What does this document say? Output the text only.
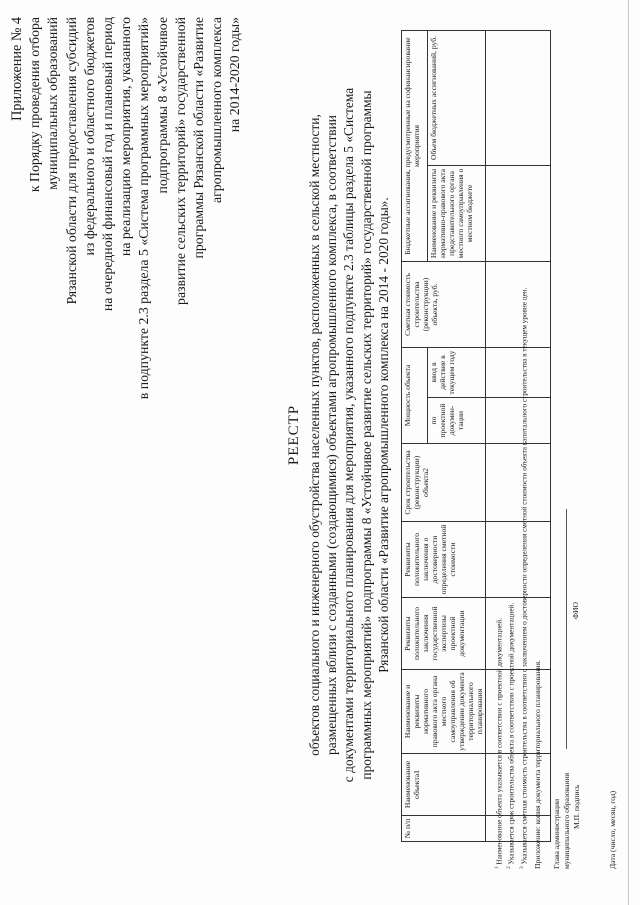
Приложение № 4 к Порядку проведения отбора муниципальных образований Рязанской области для предоставления субсидий из федерального и областного бюджетов на очередной финансовый год и плановый период на реализацию мероприятия, указанного в подпункте 2.3 раздела 5 «Система программных мероприятий» подпрограммы 8 «Устойчивое развитие сельских территорий» государственной программы Рязанской области «Развитие агропромышленного комплекса на 2014-2020 годы»
РЕЕСТР объектов социального и инженерного обустройства населенных пунктов, расположенных в сельской местности, размещенных вблизи с созданными (создающимися) объектами агропромышленного комплекса, в соответствии с документами территориального планирования для мероприятия, указанного подпункте 2.3 таблицы раздела 5 «Система программных мероприятий» подпрограммы 8 «Устойчивое развитие сельских территорий» государственной программы Рязанской области «Развитие агропромышленного комплекса на 2014 - 2020 годы».
№ п/п	Наименование объекта1	Наименование и реквизиты нормативного правового акта органа местного самоуправления об утверждении документа территориального планирования	Реквизиты положительного заключения государственной экспертизы проектной документации	Реквизиты положительного заключения о достоверности определения сметной стоимости	Срок строительства (реконструкции) объекта2	Мощность объекта		Сметная стоимость строительства (реконструкции) объекта, руб.	Бюджетные ассигнования, предусмотренные на софинансирование мероприятия	
						по проектной докумен-тации	ввод в действие в текущем году		Наименование и реквизиты нормативно-правового акта представительного органа местного самоуправления о местном бюджете	Объем бюджетных ассигнований, руб.

$^1$ Наименование объекта указывается в соответствии с проектной документацией.
$^2$ Указывается срок строительства объекта в соответствии с проектной документацией.
$^3$ Указывается сметная стоимость строительства в соответствии с заключением о достоверности определения сметной стоимости объекта капитального строительства в текущем уровне цен. Приложение: копия документа территориального планирования. Глава администрации муниципального образования М.П. подпись
ФИО
Дата (число, месяц, год)
